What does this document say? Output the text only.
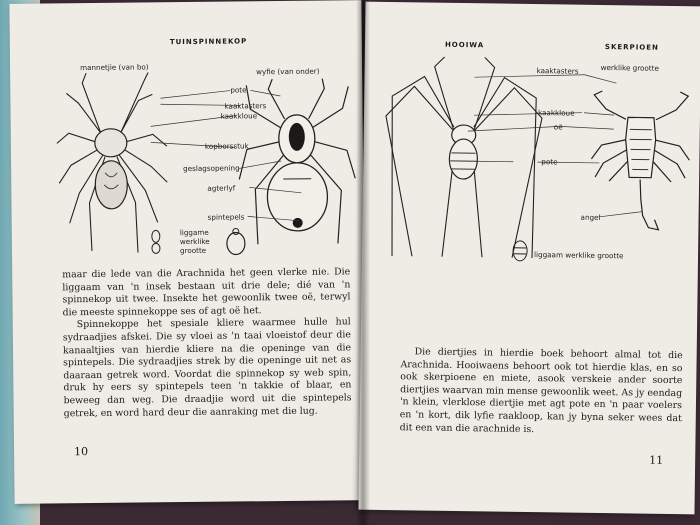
TUINSPINNEKOP
mannetjie (van bo)	wyfie (van onder)
pote
kaaktasters
kaakkloue
kopborsstuk
geslagsopening
agterlyf
spintepels
liggame werklike grootte

maar die lede van die Arachnida het geen vlerke nie. Die liggaam van 'n insek bestaan uit drie dele; dié van 'n spinnekop uit twee. Insekte het gewoonlik twee oë, terwyl die meeste spinnekoppe ses of agt oë het.

Spinnekoppe het spesiale kliere waarmee hulle hul sydraadjies afskei. Die sy vloei as 'n taai vloeistof deur die kanaaltjies van hierdie kliere na die openinge van die spintepels. Die sydraadjies strek by die openinge uit net as daaraan getrek word. Voordat die spinnekop sy web spin, druk hy eers sy spintepels teen 'n takkie of blaar, en beweeg dan weg. Die draadjie word uit die spintepels getrek, en word hard deur die aanraking met die lug.

10
HOOIWA	SKERPIOEN
werklike grootte
kaaktasters
kaakkloue
oë
pote
angel
liggaam werklike grootte

Die diertjies in hierdie boek behoort almal tot die Arachnida. Hooiwaens behoort ook tot hierdie klas, en so ook skerpioene en miete, asook verskeie ander soorte diertjies waarvan min mense gewoonlik weet. As jy eendag 'n klein, vlerklose diertjie met agt pote en 'n paar voelers en 'n kort, dik lyfie raakloop, kan jy byna seker wees dat dit een van die arachnide is.

11
